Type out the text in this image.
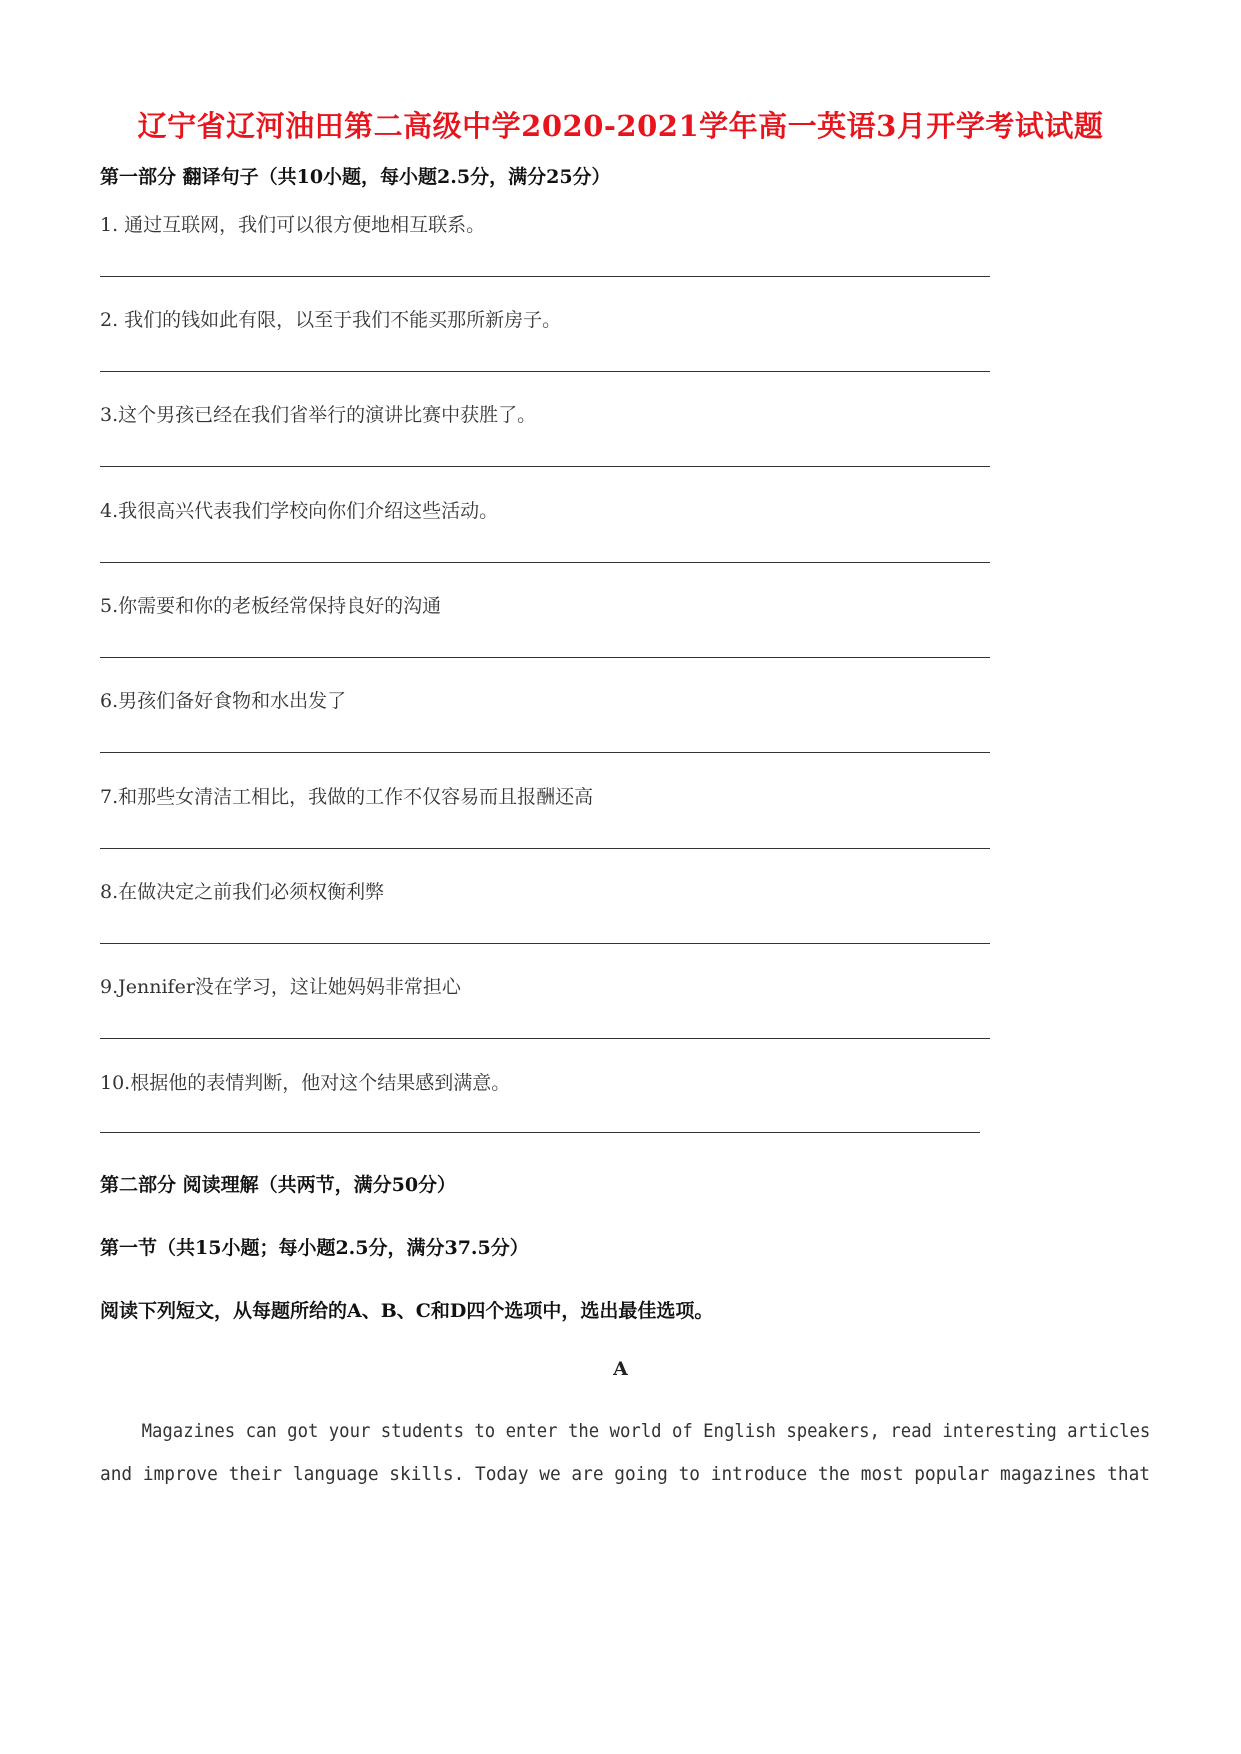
辽宁省辽河油田第二高级中学2020-2021学年高一英语3月开学考试试题
第一部分 翻译句子（共10小题，每小题2.5分，满分25分）
1. 通过互联网，我们可以很方便地相互联系。
2. 我们的钱如此有限，以至于我们不能买那所新房子。
3.这个男孩已经在我们省举行的演讲比赛中获胜了。
4.我很高兴代表我们学校向你们介绍这些活动。
5.你需要和你的老板经常保持良好的沟通
6.男孩们备好食物和水出发了
7.和那些女清洁工相比，我做的工作不仅容易而且报酬还高
8.在做决定之前我们必须权衡利弊
9.Jennifer没在学习，这让她妈妈非常担心
10.根据他的表情判断，他对这个结果感到满意。
第二部分 阅读理解（共两节，满分50分）
第一节（共15小题；每小题2.5分，满分37.5分）
阅读下列短文，从每题所给的A、B、C和D四个选项中，选出最佳选项。
A
Magazines can got your students to enter the world of English speakers, read interesting articles
and improve their language skills. Today we are going to introduce the most popular magazines that
